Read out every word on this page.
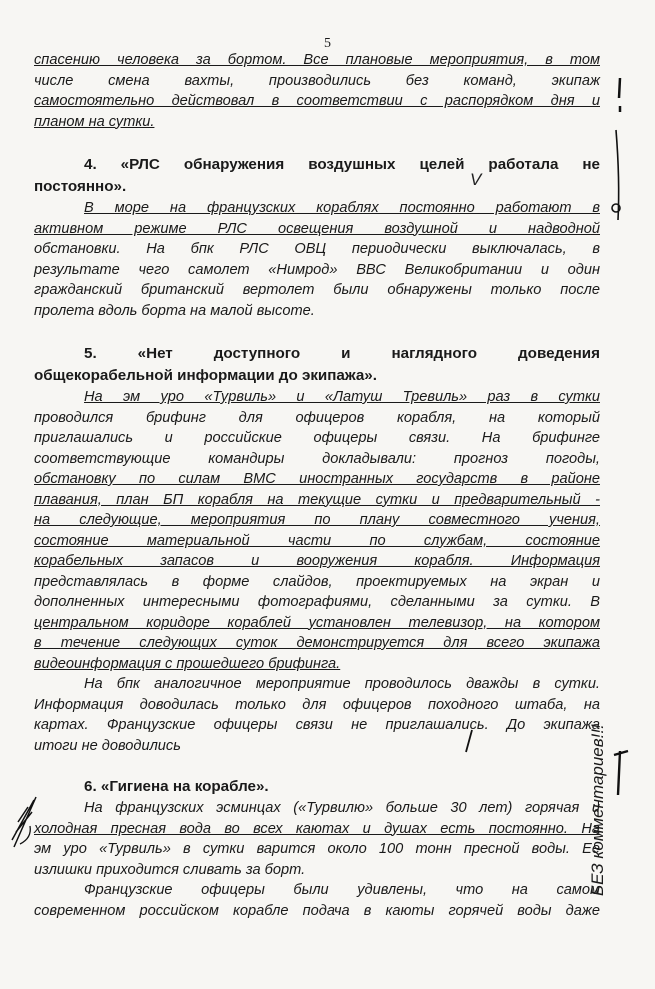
5
спасению человека за бортом. Все плановые мероприятия, в том
числе смена вахты, производились без команд, экипаж
самостоятельно действовал в соответствии с распорядком дня и
планом на сутки.
4. «РЛС обнаружения воздушных целей работала не
постоянно».
В море на французских кораблях постоянно работают в
активном режиме РЛС освещения воздушной и надводной
обстановки. На бпк РЛС ОВЦ периодически выключалась, в
результате чего самолет «Нимрод» ВВС Великобритании и один
гражданский британский вертолет были обнаружены только после
пролета вдоль борта на малой высоте.
5. «Нет доступного и наглядного доведения
общекорабельной информации до экипажа».
На эм уро «Турвиль» и «Латуш Тревиль» раз в сутки
проводился брифинг для офицеров корабля, на который
приглашались и российские офицеры связи. На брифинге
соответствующие командиры докладывали: прогноз погоды,
обстановку по силам ВМС иностранных государств в районе
плавания, план БП корабля на текущие сутки и предварительный -
на следующие, мероприятия по плану совместного учения,
состояние материальной части по службам, состояние
корабельных запасов и вооружения корабля. Информация
представлялась в форме слайдов, проектируемых на экран и
дополненных интересными фотографиями, сделанными за сутки. В
центральном коридоре кораблей установлен телевизор, на котором
в течение следующих суток демонстрируется для всего экипажа
видеоинформация с прошедшего брифинга.
На бпк аналогичное мероприятие проводилось дважды в сутки.
Информация доводилась только для офицеров походного штаба, на
картах. Французские офицеры связи не приглашались. До экипажа
итоги не доводились
6. «Гигиена на корабле».
На французских эсминцах («Турвилю» больше 30 лет) горячая и
холодная пресная вода во всех каютах и душах есть постоянно. На
эм уро «Турвиль» в сутки варится около 100 тонн пресной воды. Ее
излишки приходится сливать за борт.
Французские офицеры были удивлены, что на самом
современном российском корабле подача в каюты горячей воды даже
V
БЕЗ комментариев!!!
